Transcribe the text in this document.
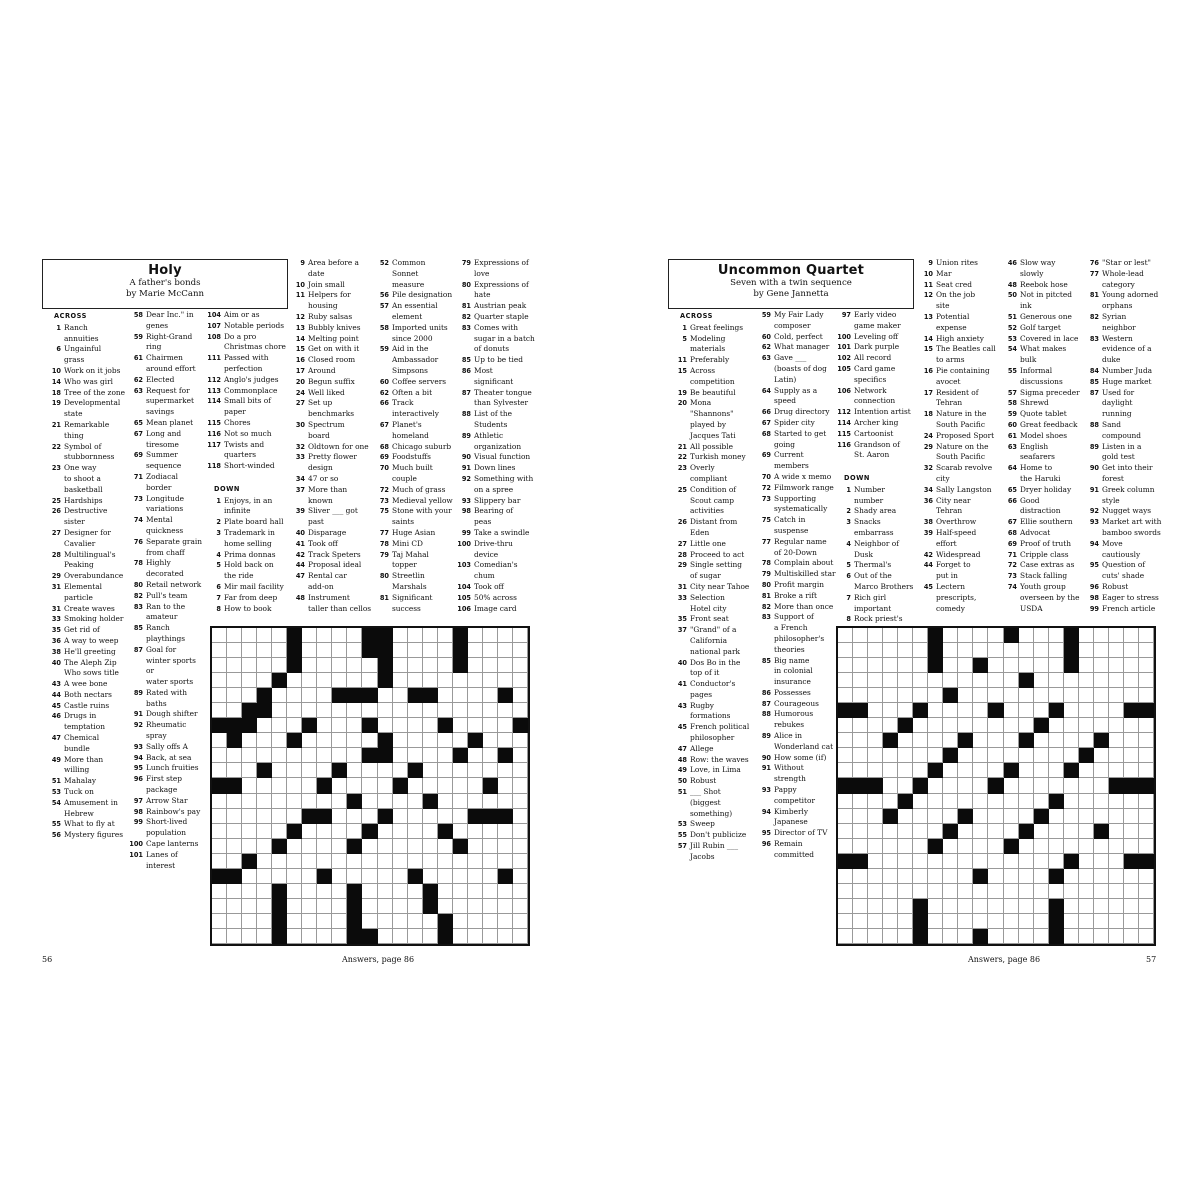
Holy
A father's bonds
by Marie McCann
ACROSS
1 Ranch
annuities
6 Ungainful
grass
10 Work on it jobs
14 Who was girl
18 Tree of the zone
19 Developmental
state
21 Remarkable
thing
22 Symbol of
stubbornness
23 One way
to shoot a
basketball
25 Hardships
26 Destructive
sister
27 Designer for
Cavalier
28 Multilingual's
Peaking
29 Overabundance
31 Elemental
particle
31 Create waves
33 Smoking holder
35 Get rid of
36 A way to weep
38 He'll greeting
40 The Aleph Zip
Who sows title
43 A wee bone
44 Both nectars
45 Castle ruins
46 Drugs in
temptation
47 Chemical
bundle
49 More than
willing
51 Mahalay
53 Tuck on
54 Amusement in
Hebrew
55 What to fly at
56 Mystery figures
58 Dear Inc." in
genes
59 Right-Grand
ring
61 Chairmen
around effort
62 Elected
63 Request for
supermarket
savings
65 Mean planet
67 Long and
tiresome
69 Summer
sequence
71 Zodiacal
border
73 Longitude
variations
74 Mental
quickness
76 Separate grain
from chaff
78 Highly
decorated
80 Retail network
82 Pull's team
83 Ran to the
amateur
85 Ranch
playthings
87 Goal for
winter sports or
water sports
89 Rated with
baths
91 Dough shifter
92 Rheumatic spray
93 Sally offs A
94 Back, at sea
95 Lunch fruities
96 First step
package
97 Arrow Star
98 Rainbow's pay
99 Short-lived
population
100 Cape lanterns
101 Lanes of interest
104 Aim or as
107 Notable periods
108 Do a pro
Christmas chore
111 Passed with
perfection
112 Anglo's judges
113 Commonplace
114 Small bits of
paper
115 Chores
116 Not so much
117 Twists and
quarters
118 Short-winded

DOWN
1 Enjoys, in an
infinite
2 Plate board hall
3 Trademark in
home selling
4 Prima donnas
5 Hold back on
the ride
6 Mir mail facility
7 Far from deep
8 How to book
9 Area before a
date
10 Join small
11 Helpers for
housing
12 Ruby salsas
13 Bubbly knives
14 Melting point
15 Get on with it
16 Closed room
17 Around
20 Begun suffix
24 Well liked
27 Set up
benchmarks
30 Spectrum
board
32 Oldtown for one
33 Pretty flower
design
34 47 or so
37 More than
known
39 Sliver ___ got
past
40 Disparage
41 Took off
42 Track Speters
44 Proposal ideal
47 Rental car
add-on
48 Instrument
taller than cellos
52 Common
Sonnet
measure
56 Pile designation
57 An essential
element
58 Imported units
since 2000
59 Aid in the
Ambassador
Simpsons
60 Coffee servers
62 Often a bit
66 Track
interactively
67 Planet's
homeland
68 Chicago suburb
69 Foodstuffs
70 Much built
couple
72 Much of grass
73 Medieval yellow
75 Stone with your
saints
77 Huge Asian
78 Mini CD
79 Taj Mahal
topper
80 Streetlin
Marshals
81 Significant
success
79 Expressions of
love
80 Expressions of
hate
81 Austrian peak
82 Quarter staple
83 Comes with
sugar in a batch
of donuts
85 Up to be tied
86 Most
significant
87 Theater tongue
than Sylvester
88 List of the
Students
89 Athletic
organization
90 Visual function
91 Down lines
92 Something with
on a spree
93 Slippery bar
98 Bearing of
peas
99 Take a swindle
100 Drive-thru
device
103 Comedian's
chum
104 Took off
105 50% across
106 Image card
56	Answers, page 86
Uncommon Quartet
Seven with a twin sequence
by Gene Jannetta
ACROSS
1 Great feelings
5 Modeling
materials
11 Preferably
15 Across
competition
19 Be beautiful
20 Mona
"Shannons"
played by
Jacques Tati
21 All possible
22 Turkish money
23 Overly
compliant
25 Condition of
Scout camp
activities
26 Distant from
Eden
27 Little one
28 Proceed to act
29 Single setting
of sugar
31 City near Tahoe
33 Selection
Hotel city
35 Front seat
37 "Grand" of a
California
national park
40 Dos Bo in the
top of it
41 Conductor's
pages
43 Rugby
formations
45 French political
philosopher
47 Allege
48 Row: the waves
49 Love, in Lima
50 Robust
51 ___ Shot
(biggest
something)
53 Sweep
55 Don't publicize
57 Jill Rubin ___
Jacobs
59 My Fair Lady
composer
60 Cold, perfect
62 What manager
63 Gave ___
(boasts of dog
Latin)
64 Supply as a
speed
66 Drug directory
67 Spider city
68 Started to get
going
69 Current
members
70 A wide x memo
72 Filmwork range
73 Supporting
systematically
75 Catch in
suspense
77 Regular name
of 20-Down
78 Complain about
79 Multiskilled star
80 Profit margin
81 Broke a rift
82 More than once
83 Support of
a French
philosopher's
theories
85 Big name
in colonial
insurance
86 Possesses
87 Courageous
88 Humorous
rebukes
89 Alice in
Wonderland cat
90 How some (if)
91 Without
strength
93 Pappy
competitor
94 Kimberly
Japanese
95 Director of TV
96 Remain
committed
97 Early video
game maker
100 Leveling off
101 Dark purple
102 All record
105 Card game
specifics
106 Network
connection
112 Intention artist
114 Archer king
115 Cartoonist
116 Grandson of
St. Aaron

DOWN
1 Number number
2 Shady area
3 Snacks embarrass
4 Neighbor of
Dusk
5 Thermal's
6 Out of the
Marco Brothers
7 Rich girl
important
8 Rock priest's
9 Union rites
10 Mar
11 Seat cred
12 On the job
site
13 Potential
expense
14 High anxiety
15 The Beatles call
to arms
16 Pie containing
avocet
17 Resident of
Tehran
18 Nature in the
South Pacific
24 Proposed Sport
29 Nature on the
South Pacific
32 Scarab revolve
city
34 Sally Langston
36 City near
Tehran
38 Overthrow
39 Half-speed
effort
42 Widespread
44 Forget to
put in
45 Lectern
prescripts,
comedy
46 Slow way
slowly
48 Reebok hose
50 Not in pitcted
ink
51 Generous one
52 Golf target
53 Covered in lace
54 What makes
bulk
55 Informal
discussions
57 Sigma preceder
58 Shrewd
59 Quote tablet
60 Great feedback
61 Model shoes
63 English
seafarers
64 Home to
the Haruki
65 Dryer holiday
66 Good
distraction
67 Ellie southern
68 Advocat
69 Proof of truth
71 Cripple class
72 Case extras as
73 Stack falling
74 Youth group
overseen by the
USDA
76 "Star or lest"
77 Whole-lead
category
81 Young adorned
orphans
82 Syrian
neighbor
83 Western
evidence of a
duke
84 Number Juda
85 Huge market
87 Used for
daylight
running
88 Sand
compound
89 Listen in a
gold test
90 Get into their
forest
91 Greek column
style
92 Nugget ways
93 Market art with
bamboo swords
94 Move
cautiously
95 Question of
cuts' shade
96 Robust
98 Eager to stress
99 French article
Answers, page 86	57
